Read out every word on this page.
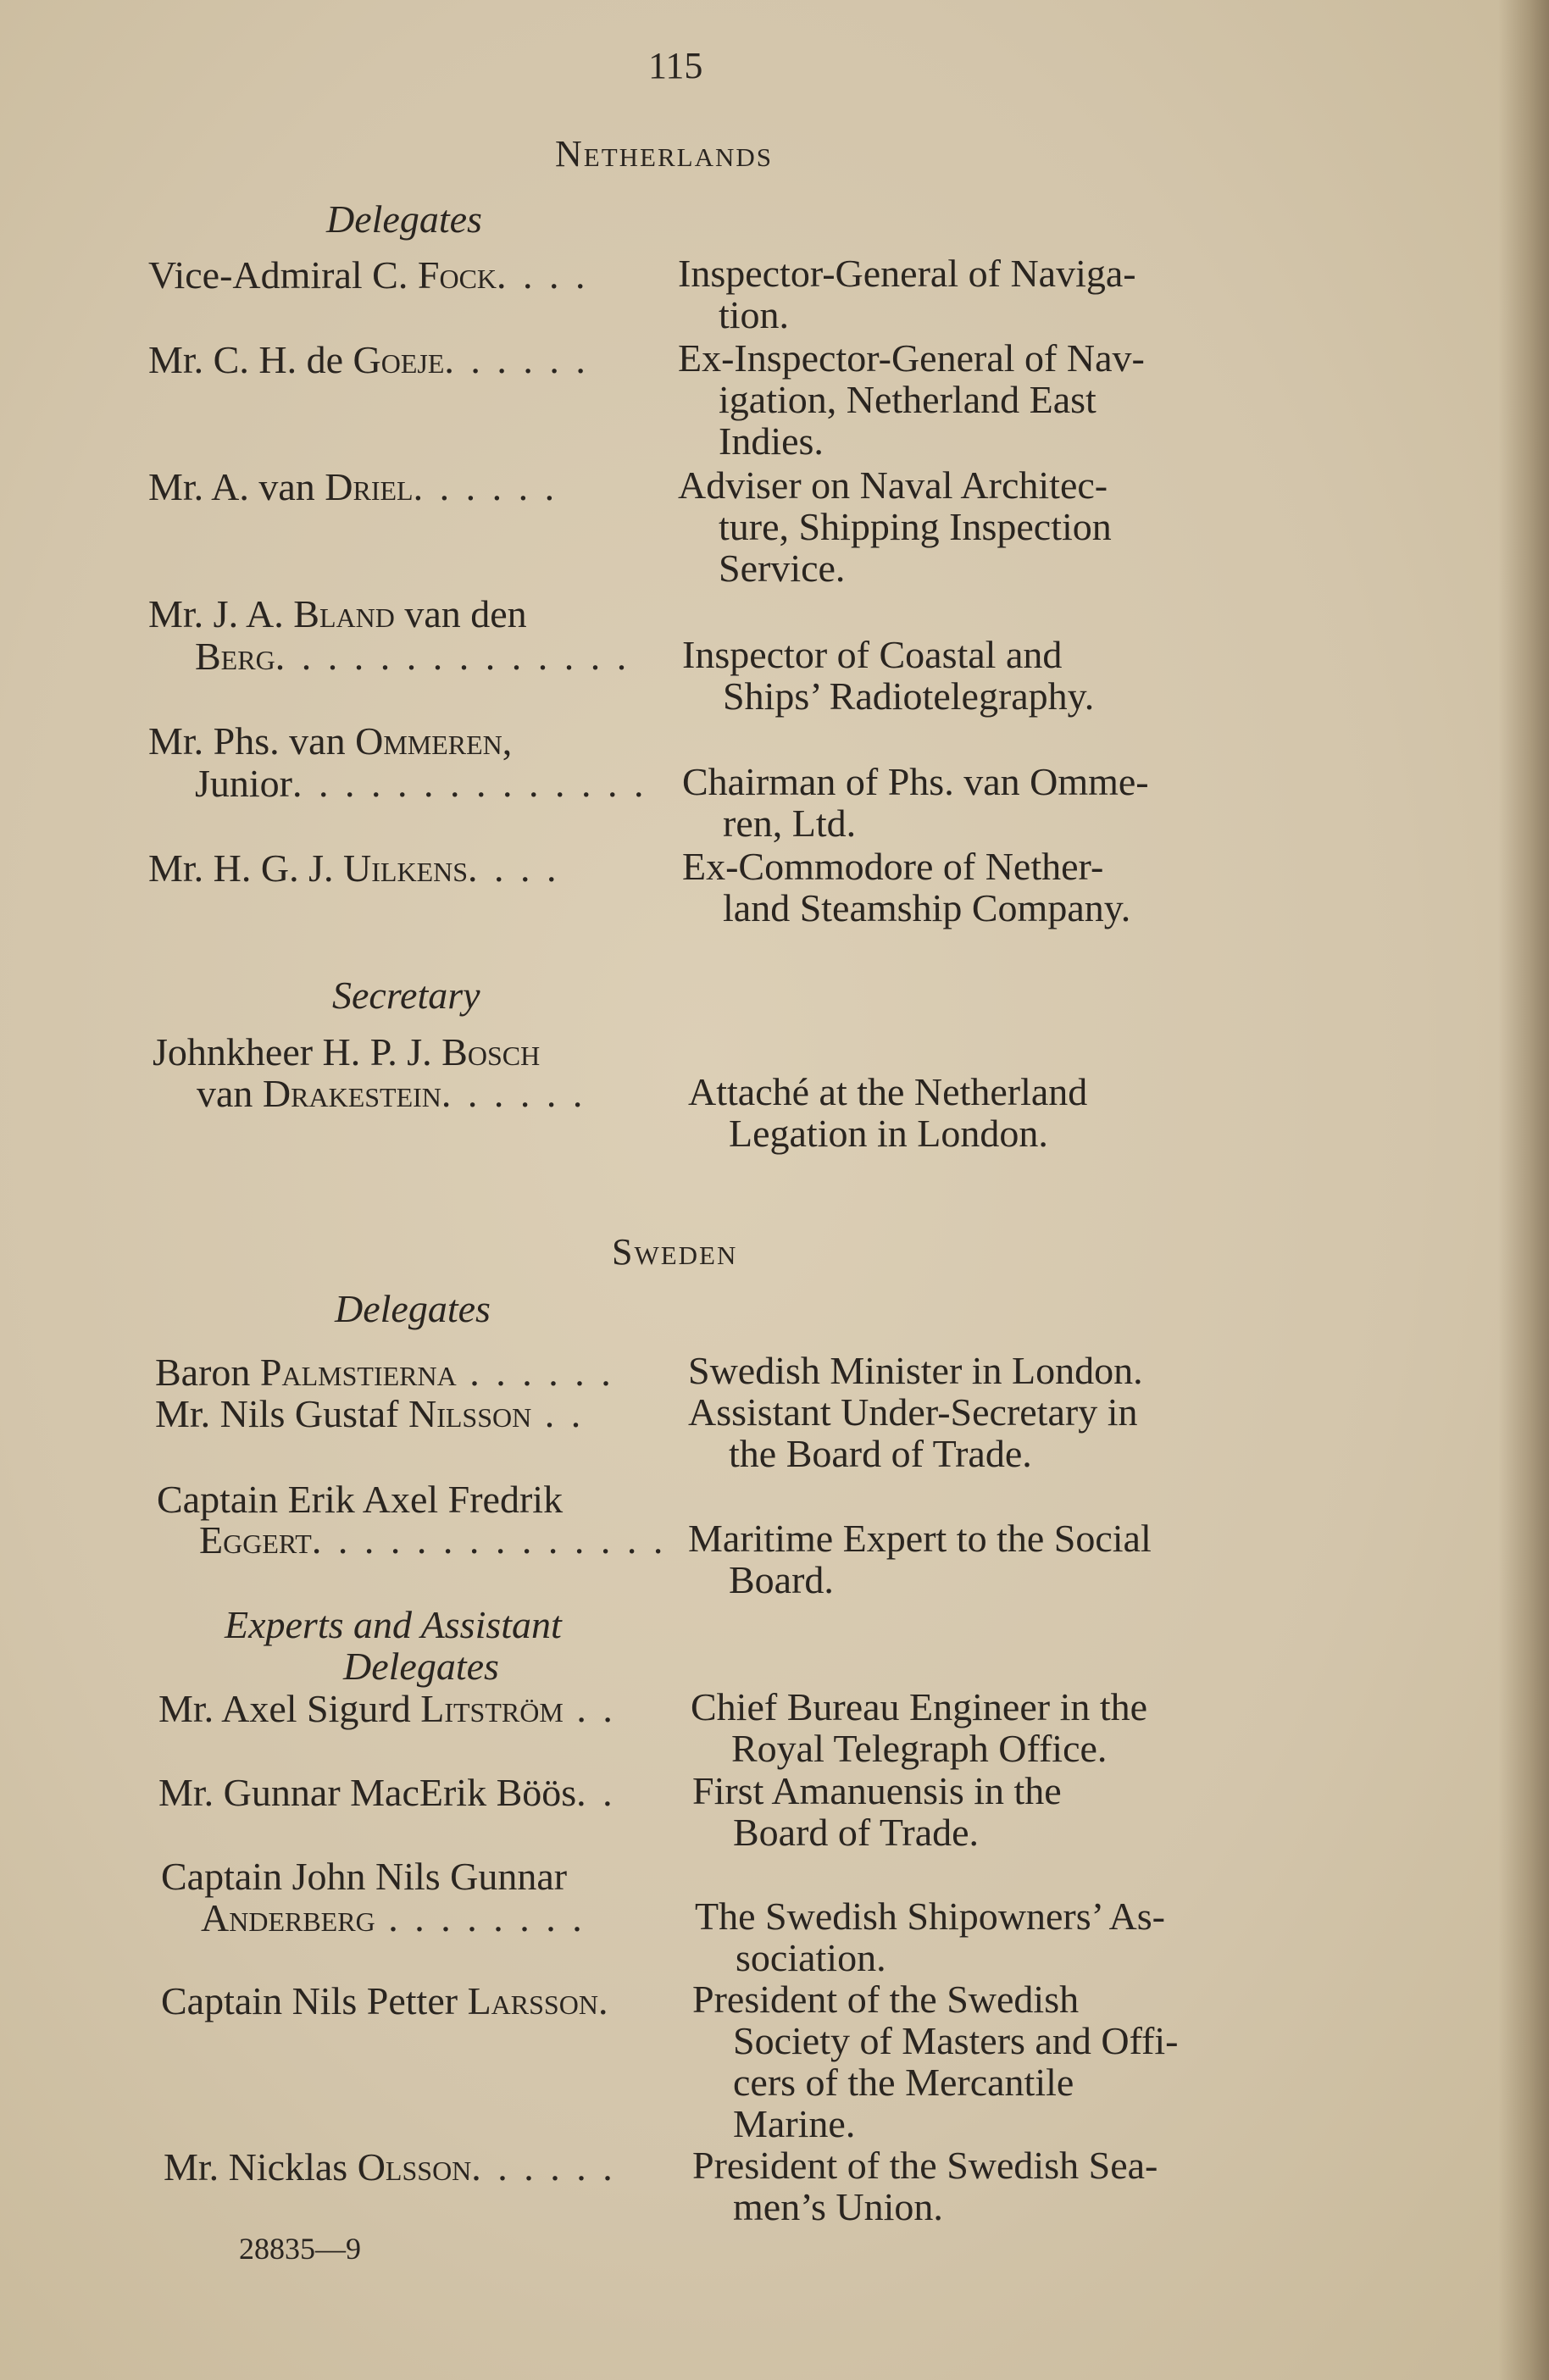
115
Netherlands
Delegates
Vice-Admiral C. Fock. . . . Inspector-General of Naviga-
tion.
Mr. C. H. de Goeje. . . . . . Ex-Inspector-General of Nav-
igation, Netherland East
Indies.
Mr. A. van Driel. . . . . .	Adviser on Naval Architec-
ture, Shipping Inspection
Service.
Mr. J. A. Bland van den
Berg. . . . . . . . . . . . . . Inspector of Coastal and
Ships’ Radiotelegraphy.
Mr. Phs. van Ommeren,
Junior. . . . . . . . . . . . . . Chairman of Phs. van Omme-
ren, Ltd.
Mr. H. G. J. Uilkens. . . .	Ex-Commodore of Nether-
land Steamship Company.
Secretary
Johnkheer H. P. J. Bosch
van Drakestein. . . . . .	Attaché at the Netherland
Legation in London.
Sweden
Delegates
Baron Palmstierna . . . . . . Swedish Minister in London.
Mr. Nils Gustaf Nilsson . .	Assistant Under-Secretary in
the Board of Trade.
Captain Erik Axel Fredrik
Eggert. . . . . . . . . . . . . . Maritime Expert to the Social
Board.
Experts and Assistant
Delegates
Mr. Axel Sigurd Litström . . Chief Bureau Engineer in the
Royal Telegraph Office.
Mr. Gunnar MacErik Böös. . First Amanuensis in the
Board of Trade.
Captain John Nils Gunnar
Anderberg . . . . . . . .	The Swedish Shipowners’ As-
sociation.
Captain Nils Petter Larsson. President of the Swedish
Society of Masters and Offi-
cers of the Mercantile
Marine.
Mr. Nicklas Olsson. . . . . . President of the Swedish Sea-
men’s Union.
28835—9
